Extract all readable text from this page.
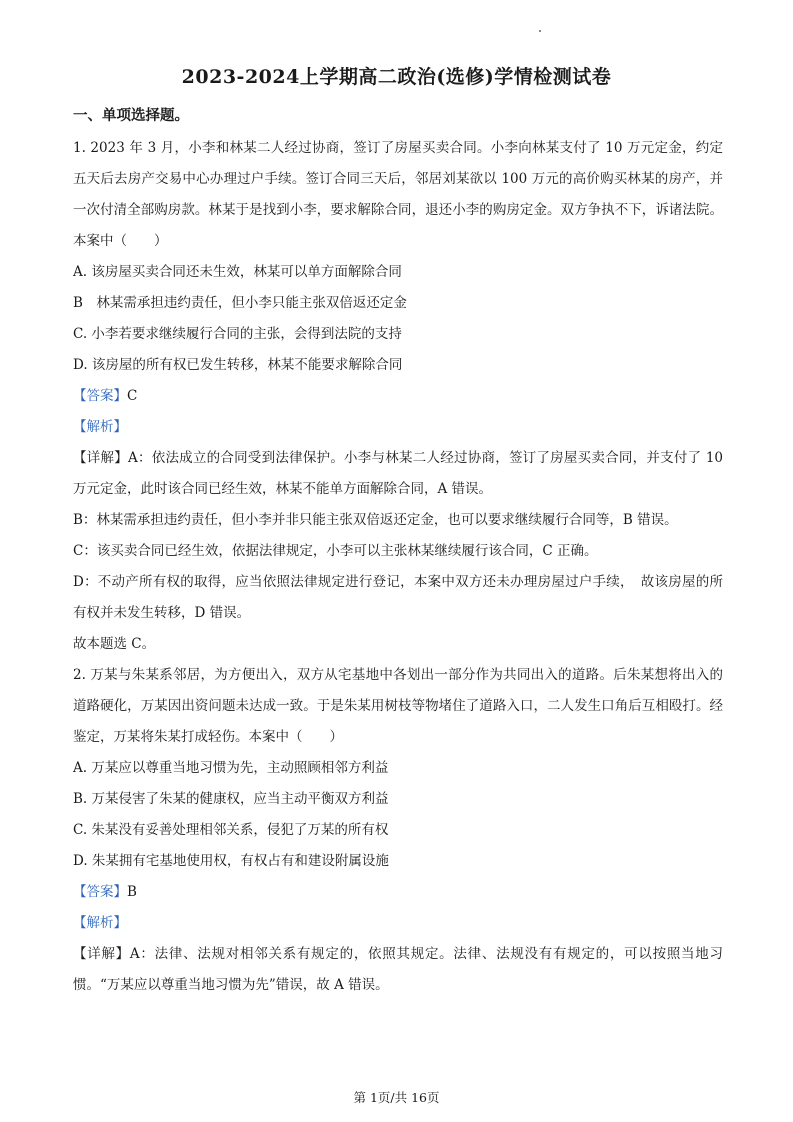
2023-2024上学期高二政治(选修)学情检测试卷
一、单项选择题。
1. 2023 年 3 月，小李和林某二人经过协商，签订了房屋买卖合同。小李向林某支付了 10 万元定金，约定五天后去房产交易中心办理过户手续。签订合同三天后，邻居刘某欲以 100 万元的高价购买林某的房产，并一次付清全部购房款。林某于是找到小李，要求解除合同，退还小李的购房定金。双方争执不下，诉诸法院。本案中（　　）
A. 该房屋买卖合同还未生效，林某可以单方面解除合同
B　林某需承担违约责任，但小李只能主张双倍返还定金
C. 小李若要求继续履行合同的主张，会得到法院的支持
D. 该房屋的所有权已发生转移，林某不能要求解除合同
【答案】C
【解析】
【详解】A：依法成立的合同受到法律保护。小李与林某二人经过协商，签订了房屋买卖合同，并支付了 10 万元定金，此时该合同已经生效，林某不能单方面解除合同，A 错误。
B：林某需承担违约责任，但小李并非只能主张双倍返还定金，也可以要求继续履行合同等，B 错误。
C：该买卖合同已经生效，依据法律规定，小李可以主张林某继续履行该合同，C 正确。
D：不动产所有权的取得，应当依照法律规定进行登记，本案中双方还未办理房屋过户手续，　故该房屋的所有权并未发生转移，D 错误。
故本题选 C。
2. 万某与朱某系邻居，为方便出入，双方从宅基地中各划出一部分作为共同出入的道路。后朱某想将出入的道路硬化，万某因出资问题未达成一致。于是朱某用树枝等物堵住了道路入口，二人发生口角后互相殴打。经鉴定，万某将朱某打成轻伤。本案中（　　）
A. 万某应以尊重当地习惯为先，主动照顾相邻方利益
B. 万某侵害了朱某的健康权，应当主动平衡双方利益
C. 朱某没有妥善处理相邻关系，侵犯了万某的所有权
D. 朱某拥有宅基地使用权，有权占有和建设附属设施
【答案】B
【解析】
【详解】A：法律、法规对相邻关系有规定的，依照其规定。法律、法规没有有规定的，可以按照当地习惯。“万某应以尊重当地习惯为先”错误，故 A 错误。
第 1页/共 16页
